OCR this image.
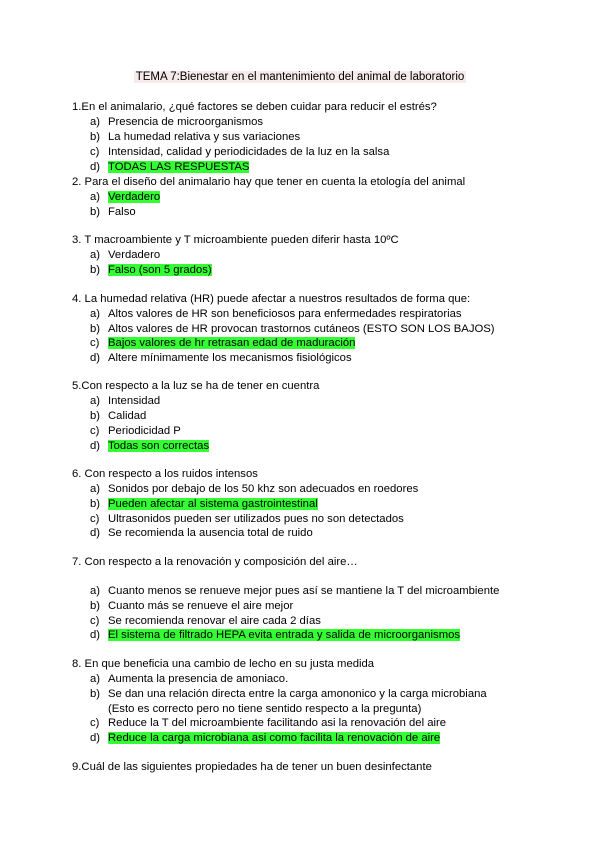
TEMA 7:Bienestar en el mantenimiento del animal de laboratorio
1.En el animalario, ¿qué factores se deben cuidar para reducir el estrés?
a) Presencia de microorganismos
b) La humedad relativa y sus variaciones
c) Intensidad, calidad y periodicidades de la luz en la salsa
d) TODAS LAS RESPUESTAS
2. Para el diseño del animalario hay que tener en cuenta la etología del animal
a) Verdadero
b) Falso
3. T macroambiente y T microambiente pueden diferir hasta 10ºC
a) Verdadero
b) Falso (son 5 grados)
4. La humedad relativa (HR) puede afectar a nuestros resultados de forma que:
a) Altos valores de HR son beneficiosos para enfermedades respiratorias
b) Altos valores de HR provocan trastornos cutáneos (ESTO SON LOS BAJOS)
c) Bajos valores de hr retrasan edad de maduración
d) Altere mínimamente los mecanismos fisiológicos
5.Con respecto a la luz se ha de tener en cuentra
a) Intensidad
b) Calidad
c) Periodicidad P
d) Todas son correctas
6. Con respecto a los ruidos intensos
a) Sonidos por debajo de los 50 khz son adecuados en roedores
b) Pueden afectar al sistema gastrointestinal
c) Ultrasonidos pueden ser utilizados pues no son detectados
d) Se recomienda la ausencia total de ruido
7. Con respecto a la renovación y composición del aire…
a) Cuanto menos se renueve mejor pues así se mantiene la T del microambiente
b) Cuanto más se renueve el aire mejor
c) Se recomienda renovar el aire cada 2 días
d) El sistema de filtrado HEPA evita entrada y salida de microorganismos
8. En que beneficia una cambio de lecho en su justa medida
a) Aumenta la presencia de amoniaco.
b) Se dan una relación directa entre la carga amononico y la carga microbiana
(Esto es correcto pero no tiene sentido respecto a la pregunta)
c) Reduce la T del microambiente facilitando asi la renovación del aire
d) Reduce la carga microbiana asi como facilita la renovación de aire
9.Cuál de las siguientes propiedades ha de tener un buen desinfectante
